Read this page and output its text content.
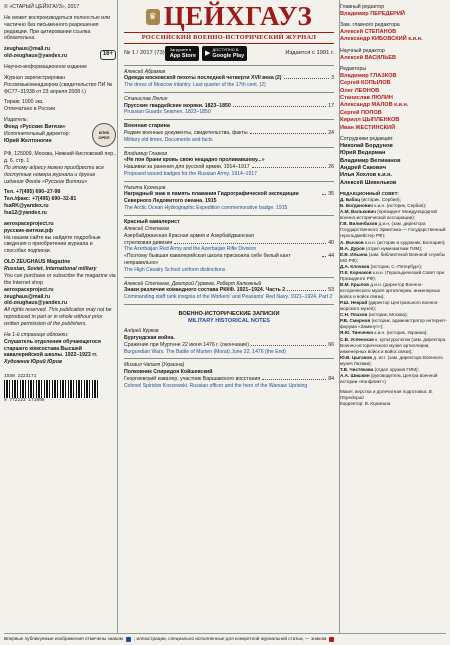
© «СТАРЫЙ ЦЕЙХГАУЗ», 2017

Не может воспроизводиться полностью или частично без письменного разрешения редакции. При цитировании ссылка обязательна.

zeughaus@mail.ru

old-zeughaus@yandex.ru	16+

Научно-информационное издание

Журнал зарегистрирован Россвязькомнадзором (свидетельство ПИ № ФС77–31938 от 23 апреля 2008 г.)

Тираж: 1000 экз.

Отпечатано в России

Издатель:

Фонд «Русские Витязи»

Исполнительный директор:

Юрий Желтоногин

КЛУБ ОРЕЛ

РФ, 125009, Москва, Нижний Кисловский пер., д. 6, стр. 1

По этому адресу можно приобрести все доступные номера журнала и другие издания Фонда «Русские Витязи»

Тел. +7(495) 690–27-98

Тел./факс: +7(495) 690–32-81

fsaRK@yandex.ru

fsa12@yandex.ru

aerospaceproject.ru

русские-витязи.рф

На нашем сайте вы найдете подробные сведения о приобретении журнала и способах подписки.

OLD ZEUGHAUS Magazine

Russian, Soviet, International military

You can purchase or subscribe the magazine via the Internet shop

aerospaceproject.ru

zeughaus@mail.ru

old-zeughaus@yandex.ru

All rights reserved. This publication may not be reproduced in part or in whole without prior written permission of the publishers.

На 1-й странице обложки:

Слушатель отделения обучающегося старшего комсостава Высшей кавалерийской школы. 1922–1923 гг.

Художник Юрий Юров

ISSN 2223171

9 772223 171000

♛ ЦЕЙХГАУЗ
РОССИЙСКИЙ ВОЕННО-ИСТОРИЧЕСКИЙ ЖУРНАЛ
№ 1 / 2017 (73) Загрузите в
App Store ▶
ДОСТУПНО В
Google Play	Издается с 1991 г.

Алексей Абрамов

Одежда московской пехоты последней четверти XVII века (2)	3

The dress of Moscow infantry. Last quarter of the 17th cent. (2)

Станислав Люлин

Прусские гвардейские моряки. 1823–1850	17

Prussian Guards Seamen. 1823–1850

Военная старина

Редкие военные документы, свидетельства, факты	24

Military old times. Documents and facts

Владимир Глазков

«Не пон брани кровь свою нещадно проливавшему...»

Нашивки за ранения для русской армии. 1914–1917	26

Proposed wound badges for the Russian Army. 1914–1917

Никита Кузнецов

Наградный знак в память плавания Гидрографической экспедиции Северного Ледовитого океана. 1915
35

The Arctic Ocean Hydrographic Expedition commemorative badge. 1915

Красный кавалерист

Алексей Степанов

Азербайджанская Красная армия и Азербайджанская

стрелковая дивизия	40

The Azerbaijan Red Army and the Azerbaijan Rifle Division

«Поэтому бывшая кавалерийская школа присвоила себе белый кант неправильно»
44

The High Cavalry School uniform distinctions

Алексей Степанов, Дмитрий Гурвеев, Роберт Калюжный

Знаки различия командного состава РККФ. 1921–1924. Часть 2	53

Commanding staff rank insignia of the Workers' and Peasants' Red Navy. 1921–1924. Part 2

ВОЕННО-ИСТОРИЧЕСКИЕ ЗАПИСКИ

MILITARY HISTORICAL NOTES

Андрей Курков

Бургундская война.

Сражение при Муртене 22 июня 1476 г. (окончание)	66

Burgundian Wars. The Battle of Murten (Morat) June 22, 1476 (the End)

Михаил Чапаля (Украина)

Полковник Спиридон Койшевский

Георгиевский кавалер, участник Варшавского восстания	84

Colonel Spiridon Koszewski. Russian officer and the hero of the Warsaw Uprising

Главный редактор

Владимир ПЕРЕДЕРИЙ

Зам. главного редактора

Алексей СТЕПАНОВ

Александр КИБОВСКИЙ к.и.н.

Научный редактор

Алексей ВАСИЛЬЕВ

Редакторы

Владимир ГЛАЗКОВ

Сергей КОПЫЛОВ

Олег ЛЕОНОВ

Станислав ЛЮЛИН

Александр МАЛОВ к.и.н.

Сергей ПОПОВ

Кирилл ЦЫПЛЕНКОВ

Иван ЖЕСТИНСКИЙ

Сотрудники редакции:

Николай Бордунов

Юрий Ведерман

Владимир Великанов

Андрей Сакович

Илья Хохлов к.и.н.

Алексей Шевельков

РЕДАКЦИОННЫЙ СОВЕТ:

Д. Бабац (историк, Сербия);

Б. Богданович к.и.н. (историк, Сербия);

А.М. Валькович (президент Международной военно-исторической ассоциации);

Г.В. Вилинбахов д.и.н. (зам. директора Государственного Эрмитажа — Государственный герольдмейстер РФ);

А. Вычков к.и.н. (историк и художник, Болгария);

В.А. Дуров (отдел нумизматики ГИМ);

Е.В. Ильина (зам. библиотекой Военной службы МО РФ);

Д.А. Клочков (историк, С.-Петербург);

П.К. Корнаков к.и.н. (Геральдический Совет при Президенте РФ);

В.М. Крылов д.и.н. (директор Военно-исторического музея артиллерии, инженерных войск и войск связи);

Р.Ш. Некрай (директор Центрального военно-морского музея);

С.Н. Плахов (историк, Москва);

Р.В. Смирнов (историк, администратор интернет-форума «Замкнут»);

Я.Ю. Тинченко к.и.н. (историк, Украина);

С.В. Успенская к. культурологии (зам. директора Военно-исторического музея артиллерии, инженерных войск и войск связи);

Ю.В. Цыганов д. ист. (зам. директора Военного музея Латвии);

Т.В. Чистякова (отдел оружия ГИМ);

А.А. Шишкин (руководитель Центра военной истории «Конфликт»)

Макет, верстка и допечатная подготовка: В. Передерий

Корректор: В. Корякина

Впервые публикуемые изображения отмечены знаком ; иллюстрации, специально исполненные для конкретной журнальной статьи, — знаком
